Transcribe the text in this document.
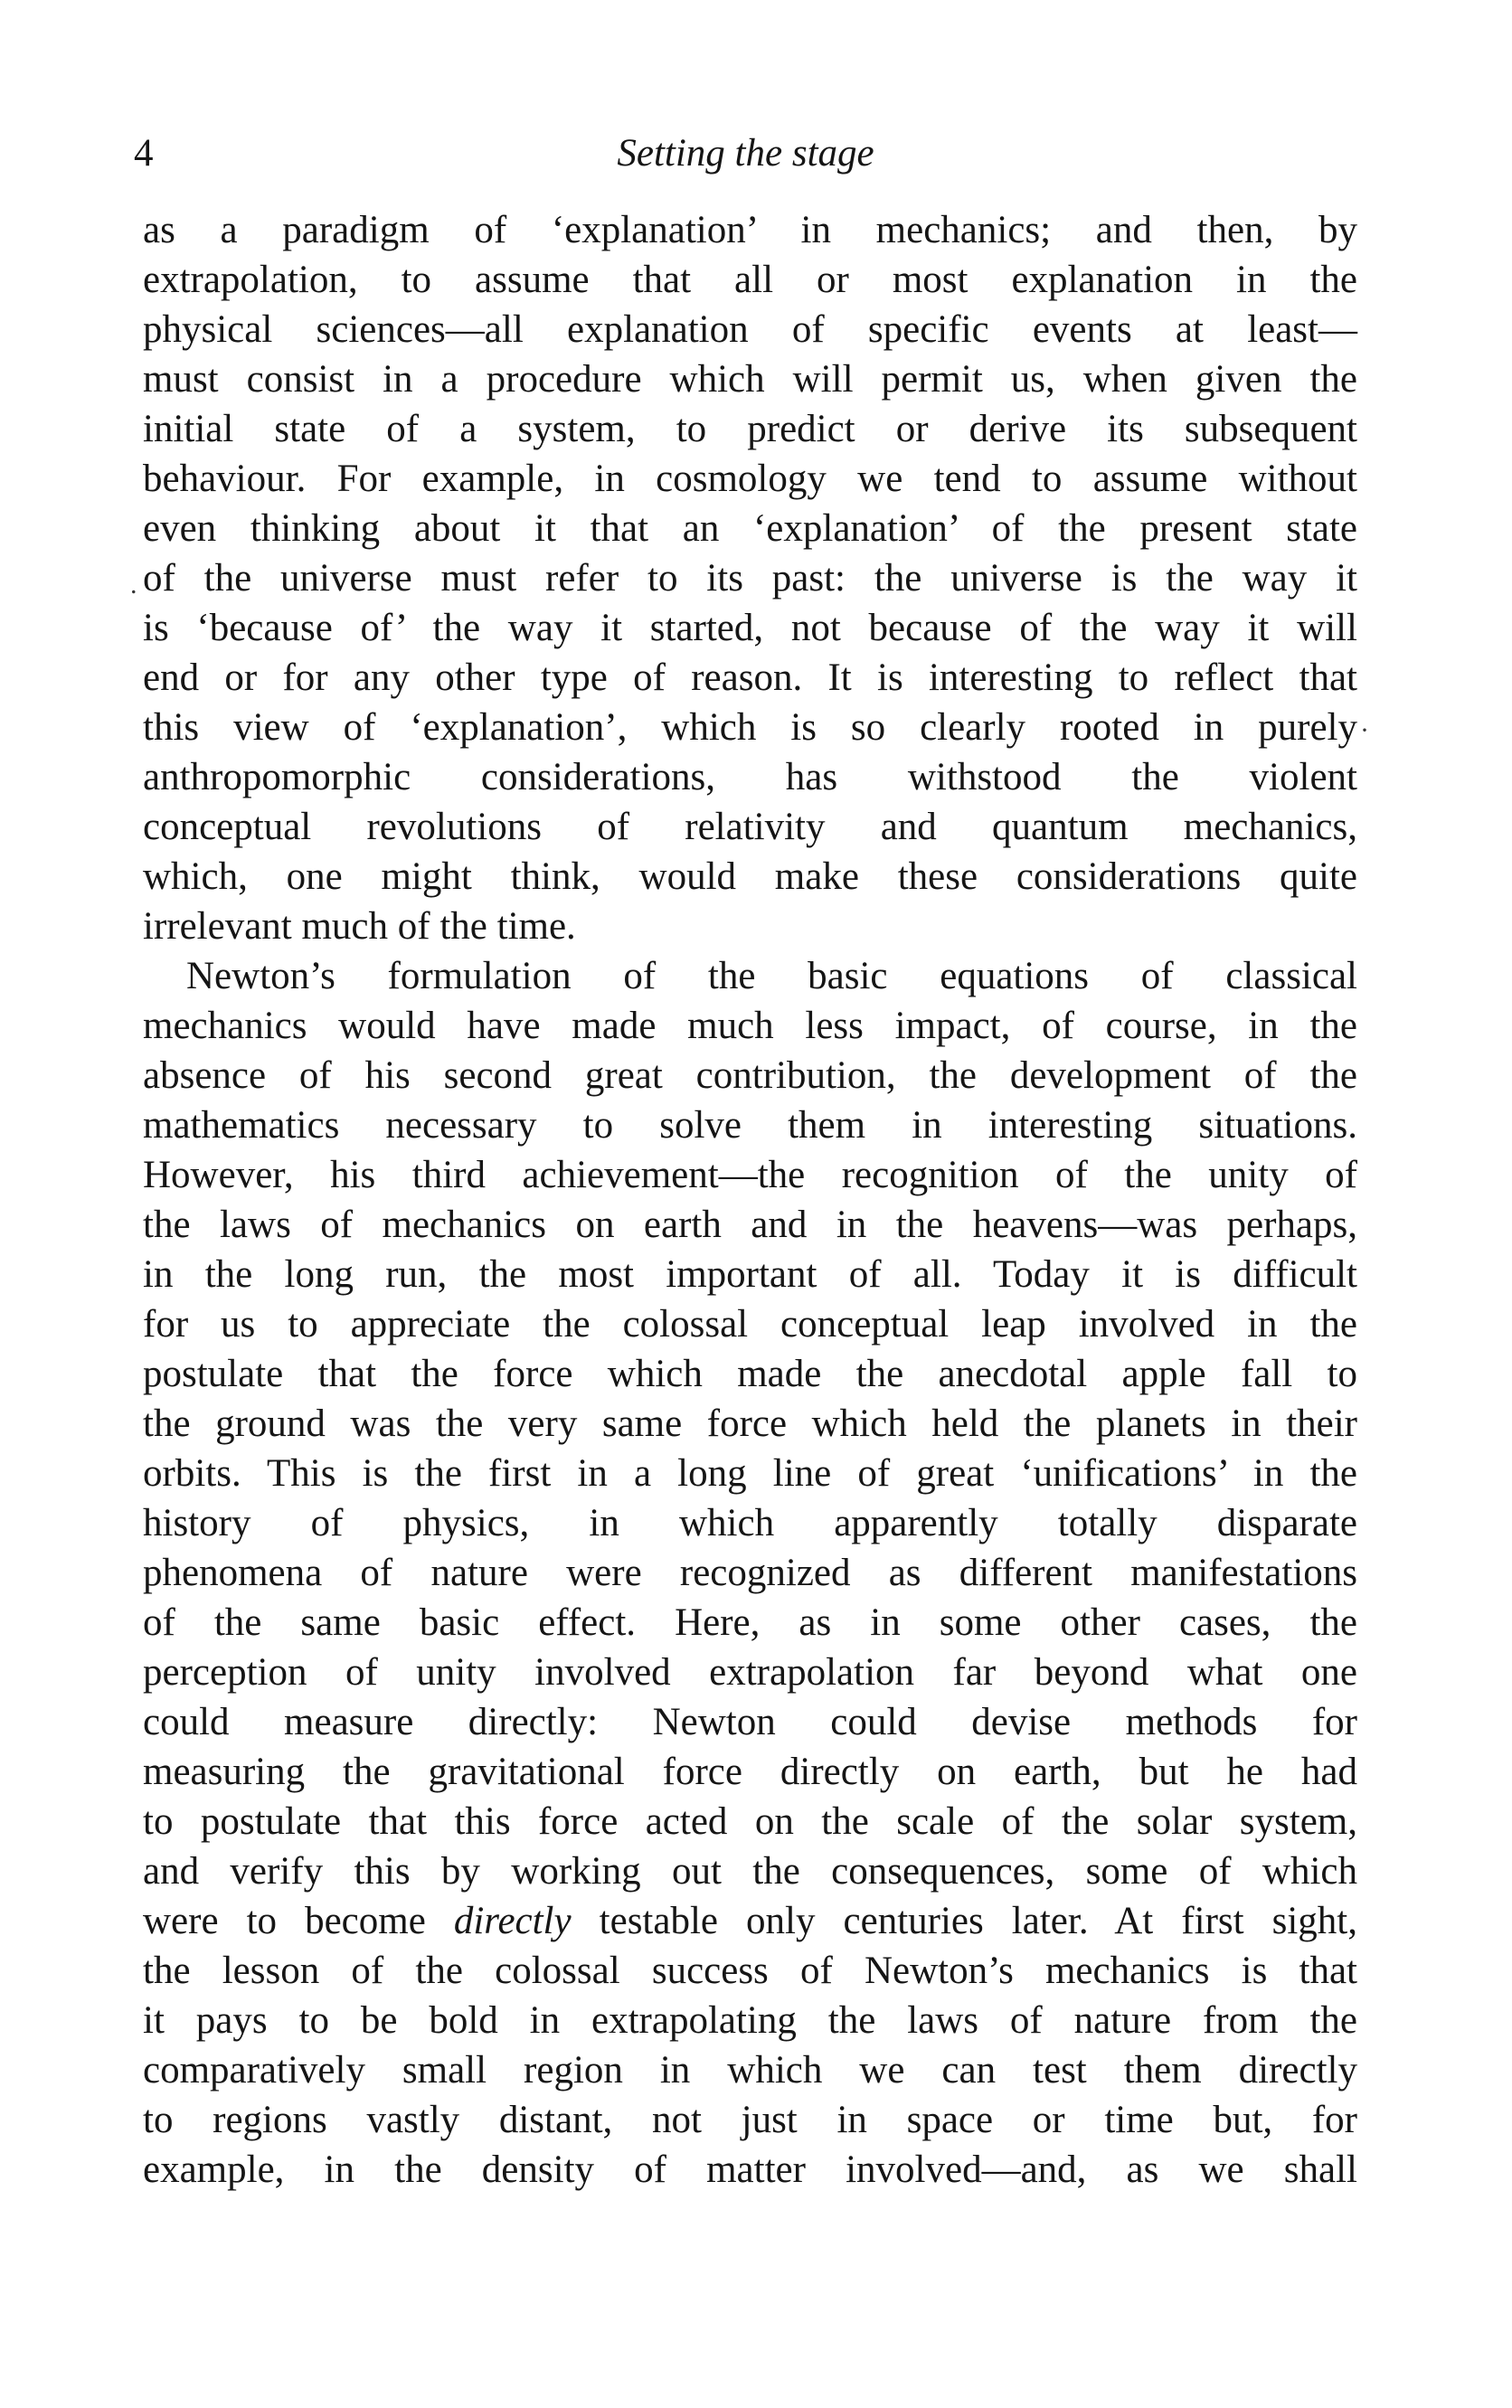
4	Setting the stage
.
·
as a paradigm of ‘explanation’ in mechanics; and then, by
extrapolation, to assume that all or most explanation in the
physical sciences—all explanation of specific events at least—
must consist in a procedure which will permit us, when given the
initial state of a system, to predict or derive its subsequent
behaviour. For example, in cosmology we tend to assume without
even thinking about it that an ‘explanation’ of the present state
of the universe must refer to its past: the universe is the way it
is ‘because of’ the way it started, not because of the way it will
end or for any other type of reason. It is interesting to reflect that
this view of ‘explanation’, which is so clearly rooted in purely
anthropomorphic considerations, has withstood the violent
conceptual revolutions of relativity and quantum mechanics,
which, one might think, would make these considerations quite
irrelevant much of the time.
Newton’s formulation of the basic equations of classical
mechanics would have made much less impact, of course, in the
absence of his second great contribution, the development of the
mathematics necessary to solve them in interesting situations.
However, his third achievement—the recognition of the unity of
the laws of mechanics on earth and in the heavens—was perhaps,
in the long run, the most important of all. Today it is difficult
for us to appreciate the colossal conceptual leap involved in the
postulate that the force which made the anecdotal apple fall to
the ground was the very same force which held the planets in their
orbits. This is the first in a long line of great ‘unifications’ in the
history of physics, in which apparently totally disparate
phenomena of nature were recognized as different manifestations
of the same basic effect. Here, as in some other cases, the
perception of unity involved extrapolation far beyond what one
could measure directly: Newton could devise methods for
measuring the gravitational force directly on earth, but he had
to postulate that this force acted on the scale of the solar system,
and verify this by working out the consequences, some of which
were to become directly testable only centuries later. At first sight,
the lesson of the colossal success of Newton’s mechanics is that
it pays to be bold in extrapolating the laws of nature from the
comparatively small region in which we can test them directly
to regions vastly distant, not just in space or time but, for
example, in the density of matter involved—and, as we shall
